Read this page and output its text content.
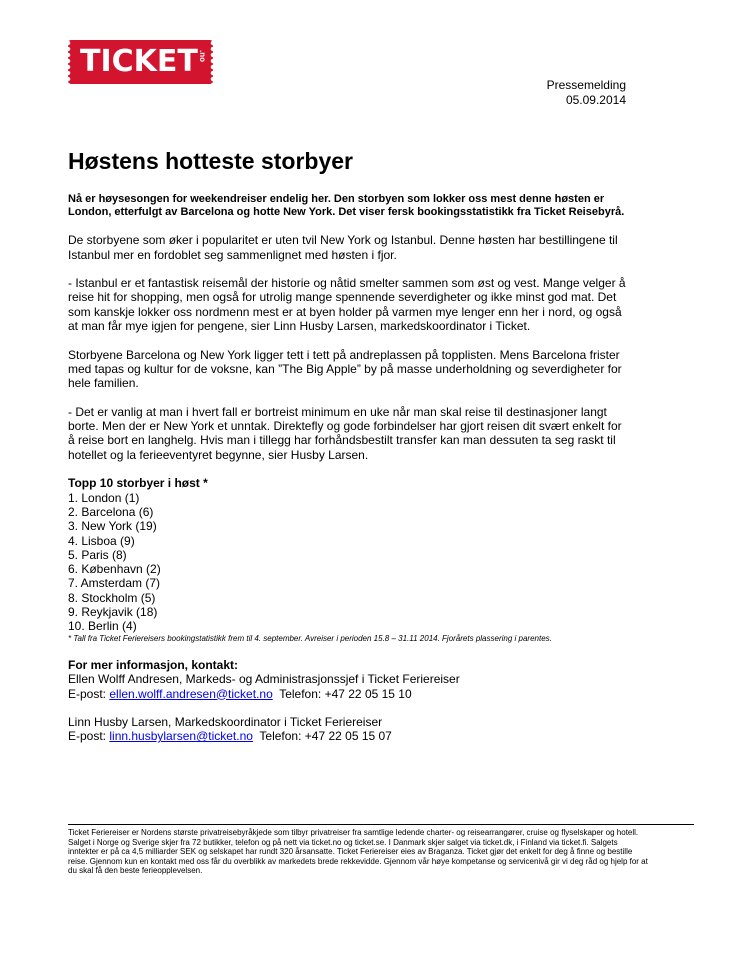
TICKET .no
Pressemelding
05.09.2014
Høstens hotteste storbyer

Nå er høysesongen for weekendreiser endelig her. Den storbyen som lokker oss mest denne høsten er London, etterfulgt av Barcelona og hotte New York. Det viser fersk bookingsstatistikk fra Ticket Reisebyrå.

De storbyene som øker i popularitet er uten tvil New York og Istanbul. Denne høsten har bestillingene til Istanbul mer en fordoblet seg sammenlignet med høsten i fjor.

- Istanbul er et fantastisk reisemål der historie og nåtid smelter sammen som øst og vest. Mange velger å reise hit for shopping, men også for utrolig mange spennende severdigheter og ikke minst god mat. Det som kanskje lokker oss nordmenn mest er at byen holder på varmen mye lenger enn her i nord, og også at man får mye igjen for pengene, sier Linn Husby Larsen, markedskoordinator i Ticket.

Storbyene Barcelona og New York ligger tett i tett på andreplassen på topplisten. Mens Barcelona frister med tapas og kultur for de voksne, kan ”The Big Apple” by på masse underholdning og severdigheter for hele familien.

- Det er vanlig at man i hvert fall er bortreist minimum en uke når man skal reise til destinasjoner langt borte. Men der er New York et unntak. Direktefly og gode forbindelser har gjort reisen dit svært enkelt for å reise bort en langhelg. Hvis man i tillegg har forhåndsbestilt transfer kan man dessuten ta seg raskt til hotellet og la ferieeventyret begynne, sier Husby Larsen.

Topp 10 storbyer i høst *
1. London (1)
2. Barcelona (6)
3. New York (19)
4. Lisboa (9)
5. Paris (8)
6. København (2)
7. Amsterdam (7)
8. Stockholm (5)
9. Reykjavik (18)
10. Berlin (4)

* Tall fra Ticket Feriereisers bookingstatistikk frem til 4. september. Avreiser i perioden 15.8 – 31.11 2014. Fjorårets plassering i parentes.

For mer informasjon, kontakt:
Ellen Wolff Andresen, Markeds- og Administrasjonssjef i Ticket Feriereiser
E-post: ellen.wolff.andresen@ticket.no Telefon: +47 22 05 15 10
Linn Husby Larsen, Markedskoordinator i Ticket Feriereiser
E-post: linn.husbylarsen@ticket.no Telefon: +47 22 05 15 07
Ticket Feriereiser er Nordens største privatreisebyråkjede som tilbyr privatreiser fra samtlige ledende charter- og reisearrangører, cruise og flyselskaper og hotell. Salget i Norge og Sverige skjer fra 72 butikker, telefon og på nett via ticket.no og ticket.se. I Danmark skjer salget via ticket.dk, i Finland via ticket.fi. Salgets inntekter er på ca 4,5 milliarder SEK og selskapet har rundt 320 årsansatte. Ticket Feriereiser eies av Braganza. Ticket gjør det enkelt for deg å finne og bestille reise. Gjennom kun en kontakt med oss får du overblikk av markedets brede rekkevidde. Gjennom vår høye kompetanse og servicenivå gir vi deg råd og hjelp for at du skal få den beste ferieopplevelsen.
